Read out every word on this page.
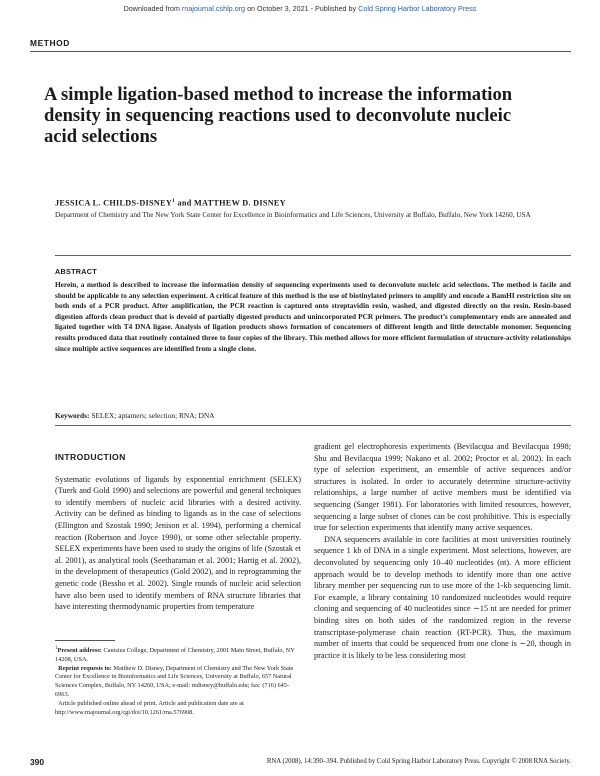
Downloaded from rnajournal.cshlp.org on October 3, 2021 - Published by Cold Spring Harbor Laboratory Press
METHOD
A simple ligation-based method to increase the information density in sequencing reactions used to deconvolute nucleic acid selections
JESSICA L. CHILDS-DISNEY$^1$ and MATTHEW D. DISNEY
Department of Chemistry and The New York State Center for Excellence in Bioinformatics and Life Sciences, University at Buffalo, Buffalo, New York 14260, USA
ABSTRACT
Herein, a method is described to increase the information density of sequencing experiments used to deconvolute nucleic acid selections. The method is facile and should be applicable to any selection experiment. A critical feature of this method is the use of biotinylated primers to amplify and encode a BamHI restriction site on both ends of a PCR product. After amplification, the PCR reaction is captured onto streptavidin resin, washed, and digested directly on the resin. Resin-based digestion affords clean product that is devoid of partially digested products and unincorporated PCR primers. The product’s complementary ends are annealed and ligated together with T4 DNA ligase. Analysis of ligation products shows formation of concatemers of different length and little detectable monomer. Sequencing results produced data that routinely contained three to four copies of the library. This method allows for more efficient formulation of structure-activity relationships since multiple active sequences are identified from a single clone.
Keywords: SELEX; aptamers; selection; RNA; DNA
INTRODUCTION

Systematic evolutions of ligands by exponential enrichment (SELEX) (Tuerk and Gold 1990) and selections are powerful and general techniques to identify members of nucleic acid libraries with a desired activity. Activity can be defined as binding to ligands as in the case of selections (Ellington and Szostak 1990; Jenison et al. 1994), performing a chemical reaction (Robertson and Joyce 1990), or some other selectable property. SELEX experiments have been used to study the origins of life (Szostak et al. 2001), as analytical tools (Seetharaman et al. 2001; Hartig et al. 2002), in the development of therapeutics (Gold 2002), and in reprogramming the genetic code (Bessho et al. 2002). Single rounds of nucleic acid selection have also been used to identify members of RNA structure libraries that have interesting thermodynamic properties from temperature

gradient gel electrophoresis experiments (Bevilacqua and Bevilacqua 1998; Shu and Bevilacqua 1999; Nakano et al. 2002; Proctor et al. 2002). In each type of selection experiment, an ensemble of active sequences and/or structures is isolated. In order to accurately determine structure-activity relationships, a large number of active members must be identified via sequencing (Sanger 1981). For laboratories with limited resources, however, sequencing a large subset of clones can be cost prohibitive. This is especially true for selection experiments that identify many active sequences.

DNA sequencers available in core facilities at most universities routinely sequence 1 kb of DNA in a single experiment. Most selections, however, are deconvoluted by sequencing only 10–40 nucleotides (nt). A more efficient approach would be to develop methods to identify more than one active library member per sequencing run to use more of the 1-kb sequencing limit. For example, a library containing 10 randomized nucleotides would require cloning and sequencing of 40 nucleotides since ∼15 nt are needed for primer binding sites on both sides of the randomized region in the reverse transcriptase-polymerase chain reaction (RT-PCR). Thus, the maximum number of inserts that could be sequenced from one clone is ∼20, though in practice it is likely to be less considering most

$^1$Present address: Canisius College, Department of Chemistry, 2001 Main Street, Buffalo, NY 14208, USA.

Reprint requests to: Matthew D. Disney, Department of Chemistry and The New York State Center for Excellence in Bioinformatics and Life Sciences, University at Buffalo, 657 Natural Sciences Complex, Buffalo, NY 14260, USA; e-mail: mdisney@buffalo.edu; fax: (716) 645-6963.

Article published online ahead of print. Article and publication date are at http://www.rnajournal.org/cgi/doi/10.1261/rna.576908.

390	RNA (2008), 14:390–394. Published by Cold Spring Harbor Laboratory Press. Copyright © 2008 RNA Society.
